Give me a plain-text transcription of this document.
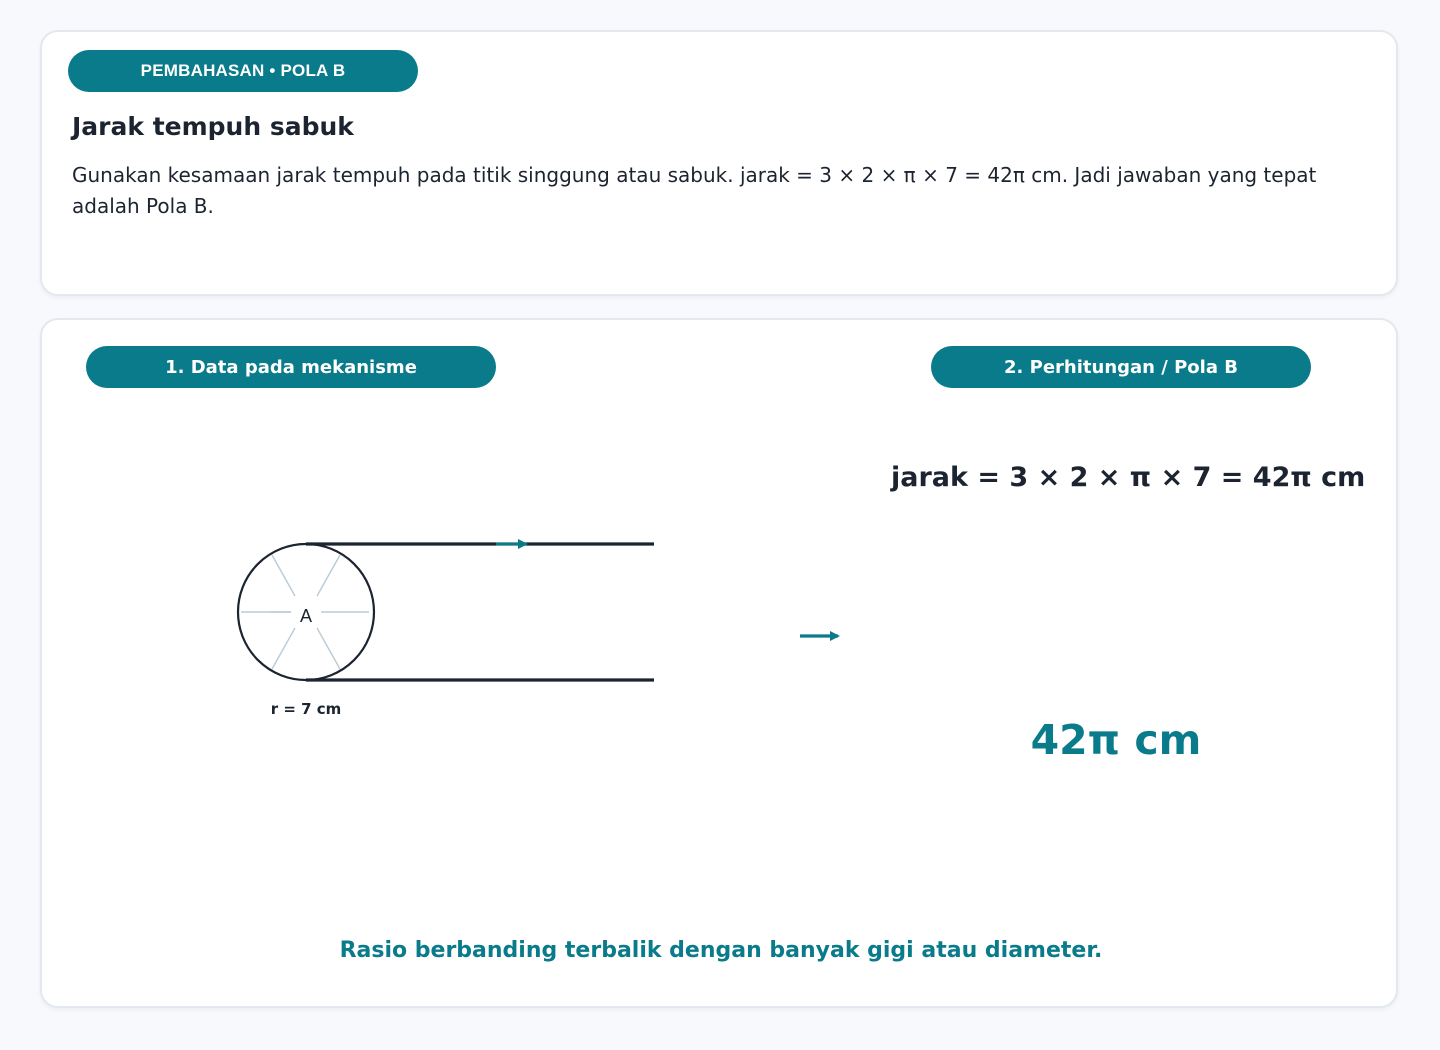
PEMBAHASAN • POLA B
Jarak tempuh sabuk

Gunakan kesamaan jarak tempuh pada titik singgung atau sabuk. jarak = 3 × 2 × π × 7 = 42π cm. Jadi jawaban yang tepat adalah Pola B.

1. Data pada mekanisme	2. Perhitungan / Pola B
A
r = 7 cm
jarak = 3 × 2 × π × 7 = 42π cm
42π cm
Rasio berbanding terbalik dengan banyak gigi atau diameter.
